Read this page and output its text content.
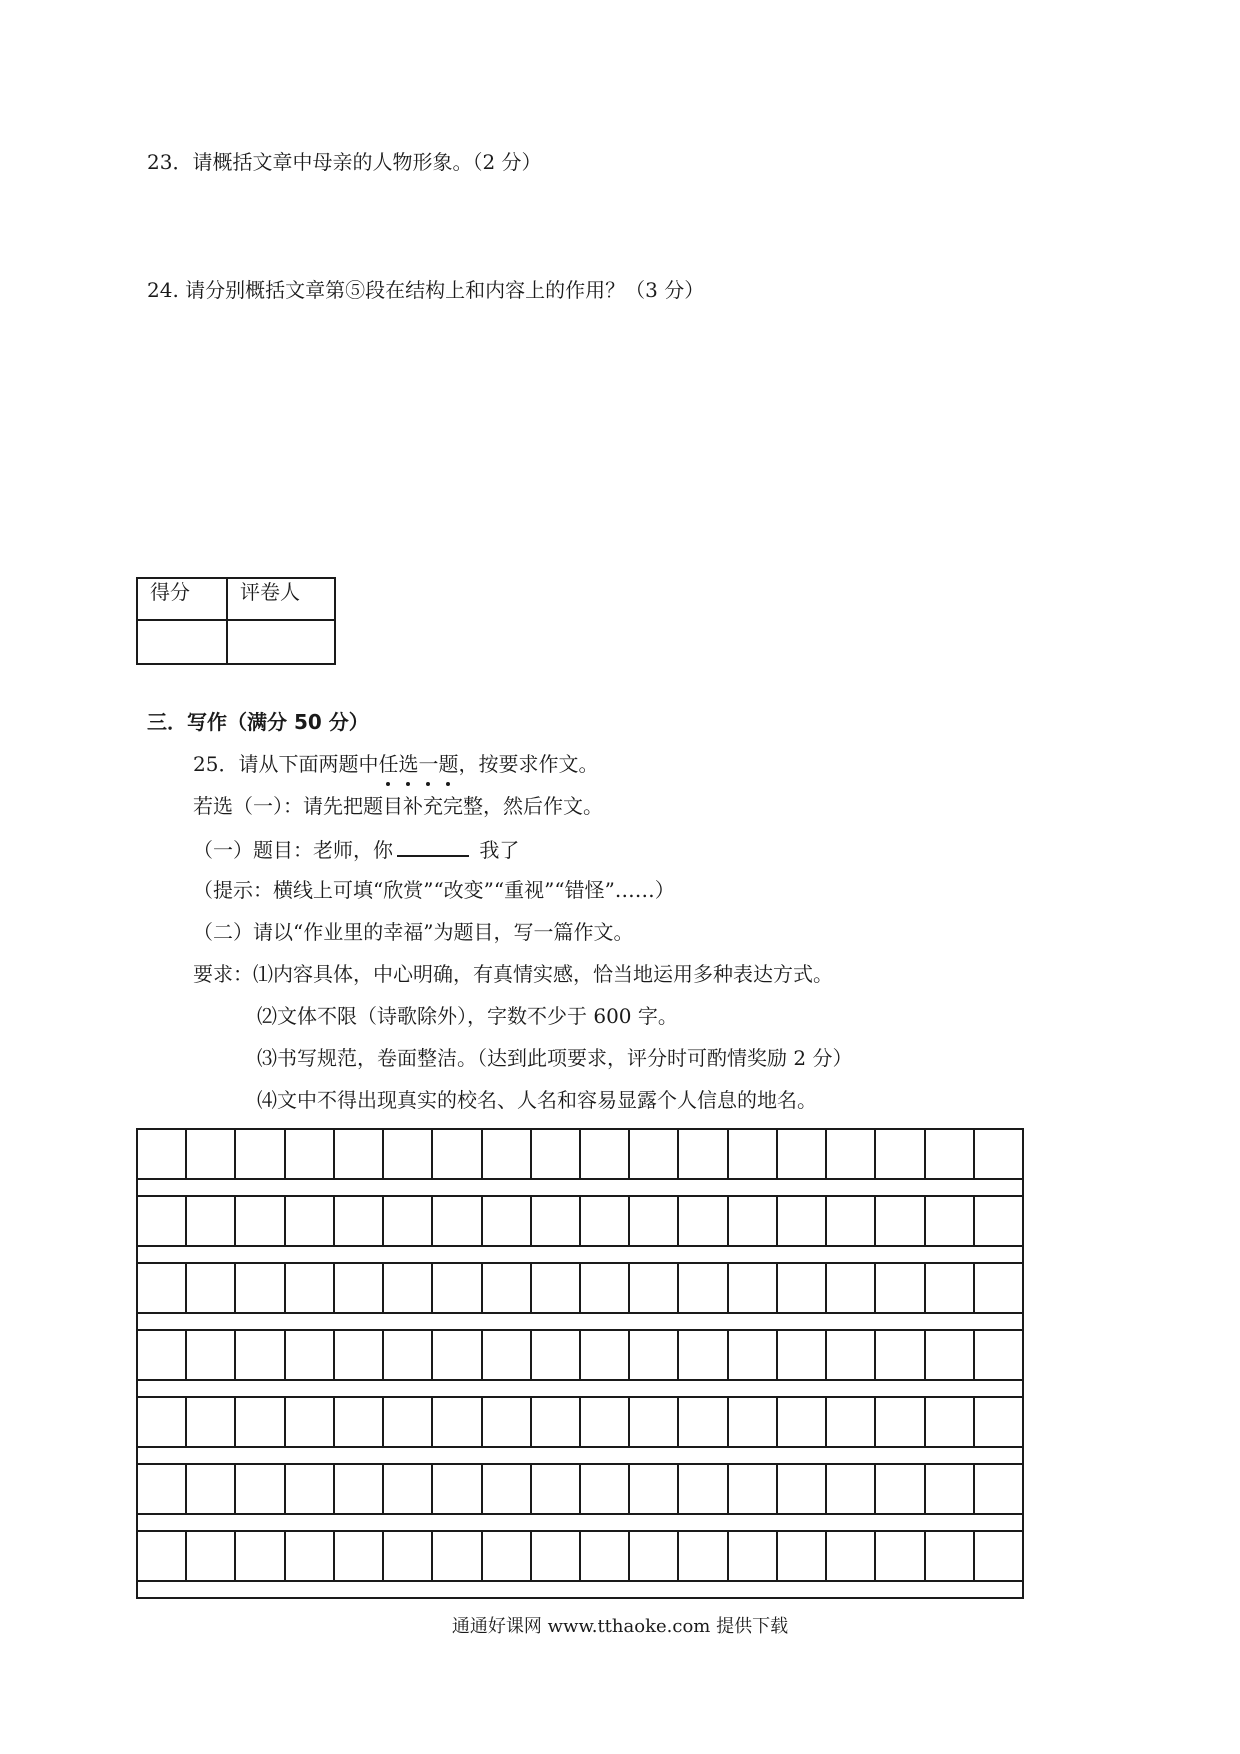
23．请概括文章中母亲的人物形象。（2 分）
24. 请分别概括文章第⑤段在结构上和内容上的作用？（3 分）
得分	评卷人

三．写作（满分 50 分）
25．请从下面两题中任选一题，按要求作文。
若选（一）：请先把题目补充完整，然后作文。
（一）题目：老师，你	我了
（提示：横线上可填“欣赏”“改变”“重视”“错怪”……）
（二）请以“作业里的幸福”为题目，写一篇作文。
要求：⑴内容具体，中心明确，有真情实感，恰当地运用多种表达方式。
⑵文体不限（诗歌除外），字数不少于 600 字。
⑶书写规范，卷面整洁。（达到此项要求，评分时可酌情奖励 2 分）
⑷文中不得出现真实的校名、人名和容易显露个人信息的地名。
通通好课网 www.tthaoke.com 提供下载
